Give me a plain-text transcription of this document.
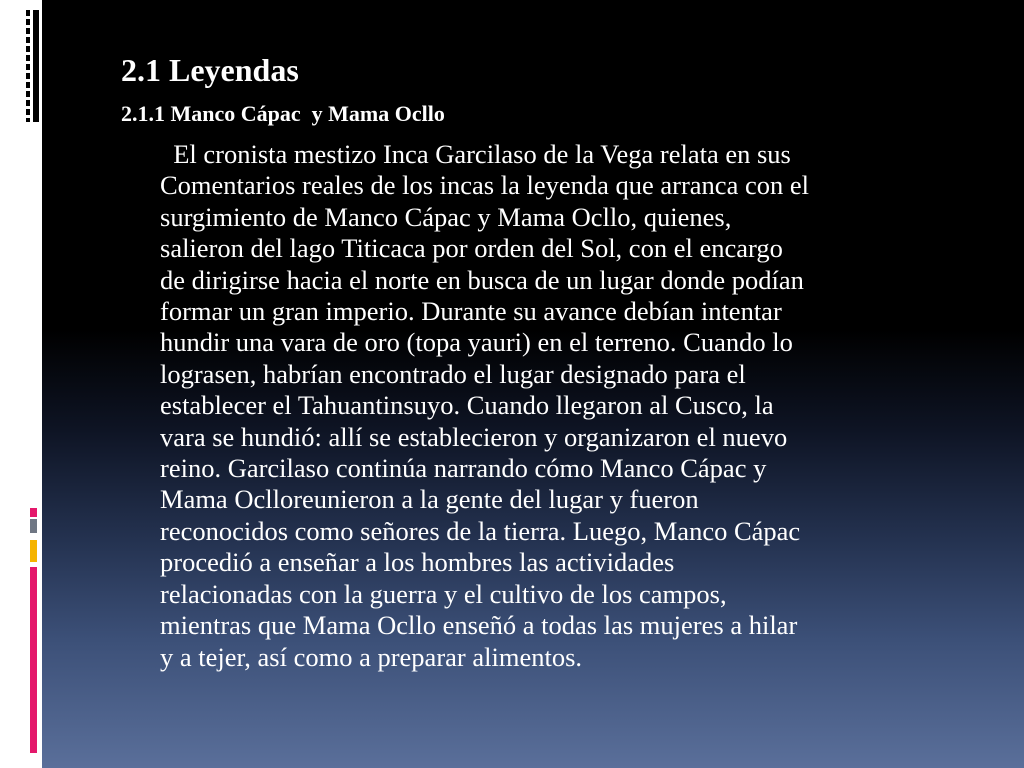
2.1 Leyendas
2.1.1 Manco Cápac  y Mama Ocllo

El cronista mestizo Inca Garcilaso de la Vega relata en sus
Comentarios reales de los incas la leyenda que arranca con el
surgimiento de Manco Cápac y Mama Ocllo, quienes,
salieron del lago Titicaca por orden del Sol, con el encargo
de dirigirse hacia el norte en busca de un lugar donde podían
formar un gran imperio. Durante su avance debían intentar
hundir una vara de oro (topa yauri) en el terreno. Cuando lo
lograsen, habrían encontrado el lugar designado para el
establecer el Tahuantinsuyo. Cuando llegaron al Cusco, la
vara se hundió: allí se establecieron y organizaron el nuevo
reino. Garcilaso continúa narrando cómo Manco Cápac y
Mama Oclloreunieron a la gente del lugar y fueron
reconocidos como señores de la tierra. Luego, Manco Cápac
procedió a enseñar a los hombres las actividades
relacionadas con la guerra y el cultivo de los campos,
mientras que Mama Ocllo enseñó a todas las mujeres a hilar
y a tejer, así como a preparar alimentos.
